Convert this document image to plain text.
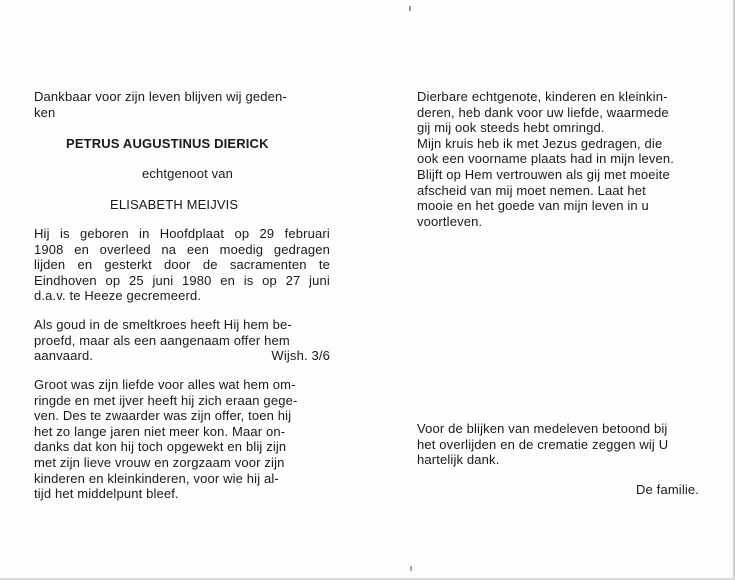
Dankbaar voor zijn leven blijven wij geden-
ken
PETRUS AUGUSTINUS DIERICK
echtgenoot van
ELISABETH MEIJVIS
Hij is geboren in Hoofdplaat op 29 februari
1908 en overleed na een moedig gedragen
lijden en gesterkt door de sacramenten te
Eindhoven op 25 juni 1980 en is op 27 juni
d.a.v. te Heeze gecremeerd.
Als goud in de smeltkroes heeft Hij hem be-
proefd, maar als een aangenaam offer hem
aanvaard.	Wijsh. 3/6
Groot was zijn liefde voor alles wat hem om-
ringde en met ijver heeft hij zich eraan gege-
ven. Des te zwaarder was zijn offer, toen hij
het zo lange jaren niet meer kon. Maar on-
danks dat kon hij toch opgewekt en blij zijn
met zijn lieve vrouw en zorgzaam voor zijn
kinderen en kleinkinderen, voor wie hij al-
tijd het middelpunt bleef.
Dierbare echtgenote, kinderen en kleinkin-
deren, heb dank voor uw liefde, waarmede
gij mij ook steeds hebt omringd.
Mijn kruis heb ik met Jezus gedragen, die
ook een voorname plaats had in mijn leven.
Blijft op Hem vertrouwen als gij met moeite
afscheid van mij moet nemen. Laat het
mooie en het goede van mijn leven in u
voortleven.
Voor de blijken van medeleven betoond bij
het overlijden en de crematie zeggen wij U
hartelijk dank.
De familie.
